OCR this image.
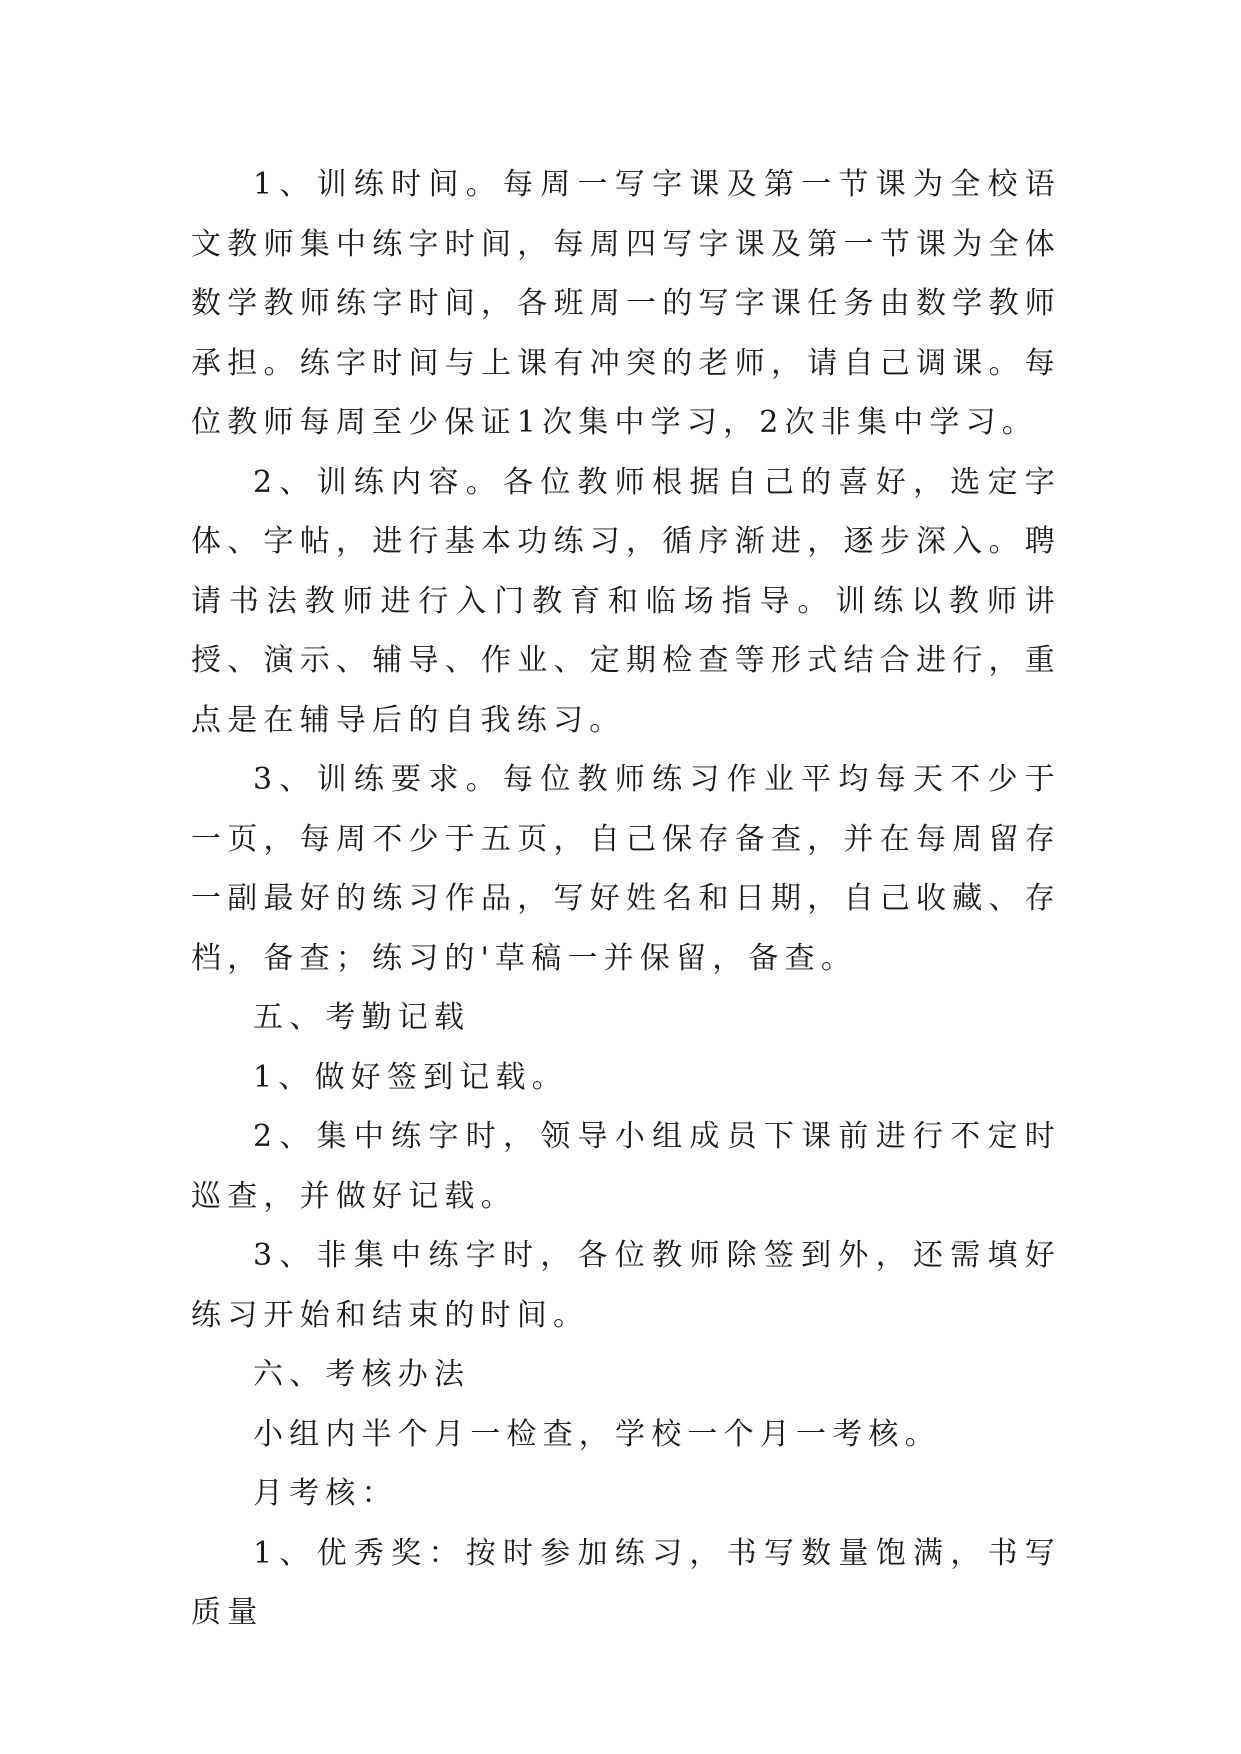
1、训练时间。每周一写字课及第一节课为全校语文教师集中练字时间，每周四写字课及第一节课为全体数学教师练字时间，各班周一的写字课任务由数学教师承担。练字时间与上课有冲突的老师，请自己调课。每位教师每周至少保证1次集中学习，2次非集中学习。

2、训练内容。各位教师根据自己的喜好，选定字体、字帖，进行基本功练习，循序渐进，逐步深入。聘请书法教师进行入门教育和临场指导。训练以教师讲授、演示、辅导、作业、定期检查等形式结合进行，重点是在辅导后的自我练习。

3、训练要求。每位教师练习作业平均每天不少于一页，每周不少于五页，自己保存备查，并在每周留存一副最好的练习作品，写好姓名和日期，自己收藏、存档，备查；练习的'草稿一并保留，备查。

五、考勤记载

1、做好签到记载。

2、集中练字时，领导小组成员下课前进行不定时巡查，并做好记载。

3、非集中练字时，各位教师除签到外，还需填好练习开始和结束的时间。

六、考核办法

小组内半个月一检查，学校一个月一考核。

月考核：

1、优秀奖：按时参加练习，书写数量饱满，书写质量
